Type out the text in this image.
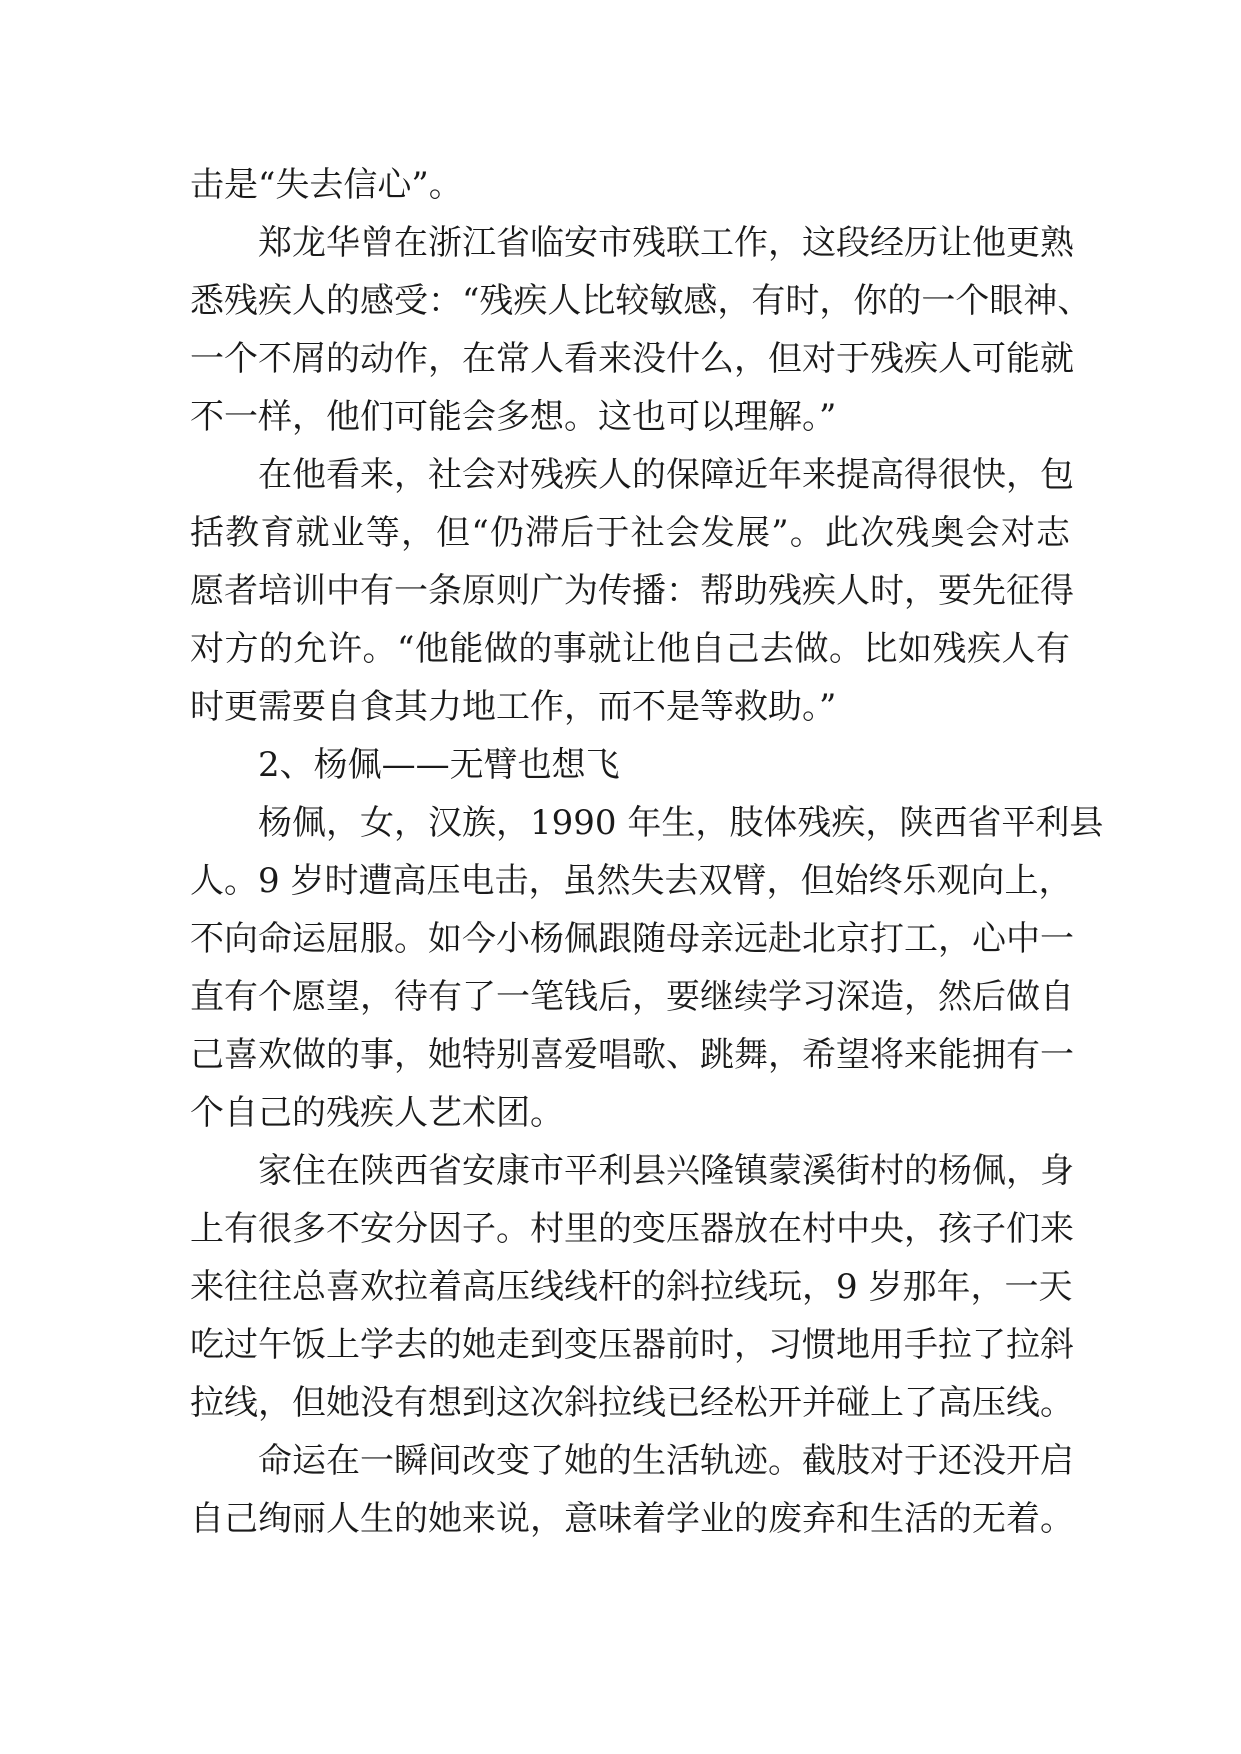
击是“失去信心”。
郑龙华曾在浙江省临安市残联工作，这段经历让他更熟
悉残疾人的感受：“残疾人比较敏感，有时，你的一个眼神、
一个不屑的动作，在常人看来没什么，但对于残疾人可能就
不一样，他们可能会多想。这也可以理解。”
在他看来，社会对残疾人的保障近年来提高得很快，包
括教育就业等，但“仍滞后于社会发展”。此次残奥会对志
愿者培训中有一条原则广为传播：帮助残疾人时，要先征得
对方的允许。“他能做的事就让他自己去做。比如残疾人有
时更需要自食其力地工作，而不是等救助。”
2、杨佩——无臂也想飞
杨佩，女，汉族，1990 年生，肢体残疾，陕西省平利县
人。9 岁时遭高压电击，虽然失去双臂，但始终乐观向上，
不向命运屈服。如今小杨佩跟随母亲远赴北京打工，心中一
直有个愿望，待有了一笔钱后，要继续学习深造，然后做自
己喜欢做的事，她特别喜爱唱歌、跳舞，希望将来能拥有一
个自己的残疾人艺术团。
家住在陕西省安康市平利县兴隆镇蒙溪街村的杨佩，身
上有很多不安分因子。村里的变压器放在村中央，孩子们来
来往往总喜欢拉着高压线线杆的斜拉线玩，9 岁那年，一天
吃过午饭上学去的她走到变压器前时，习惯地用手拉了拉斜
拉线，但她没有想到这次斜拉线已经松开并碰上了高压线。
命运在一瞬间改变了她的生活轨迹。截肢对于还没开启
自己绚丽人生的她来说，意味着学业的废弃和生活的无着。
